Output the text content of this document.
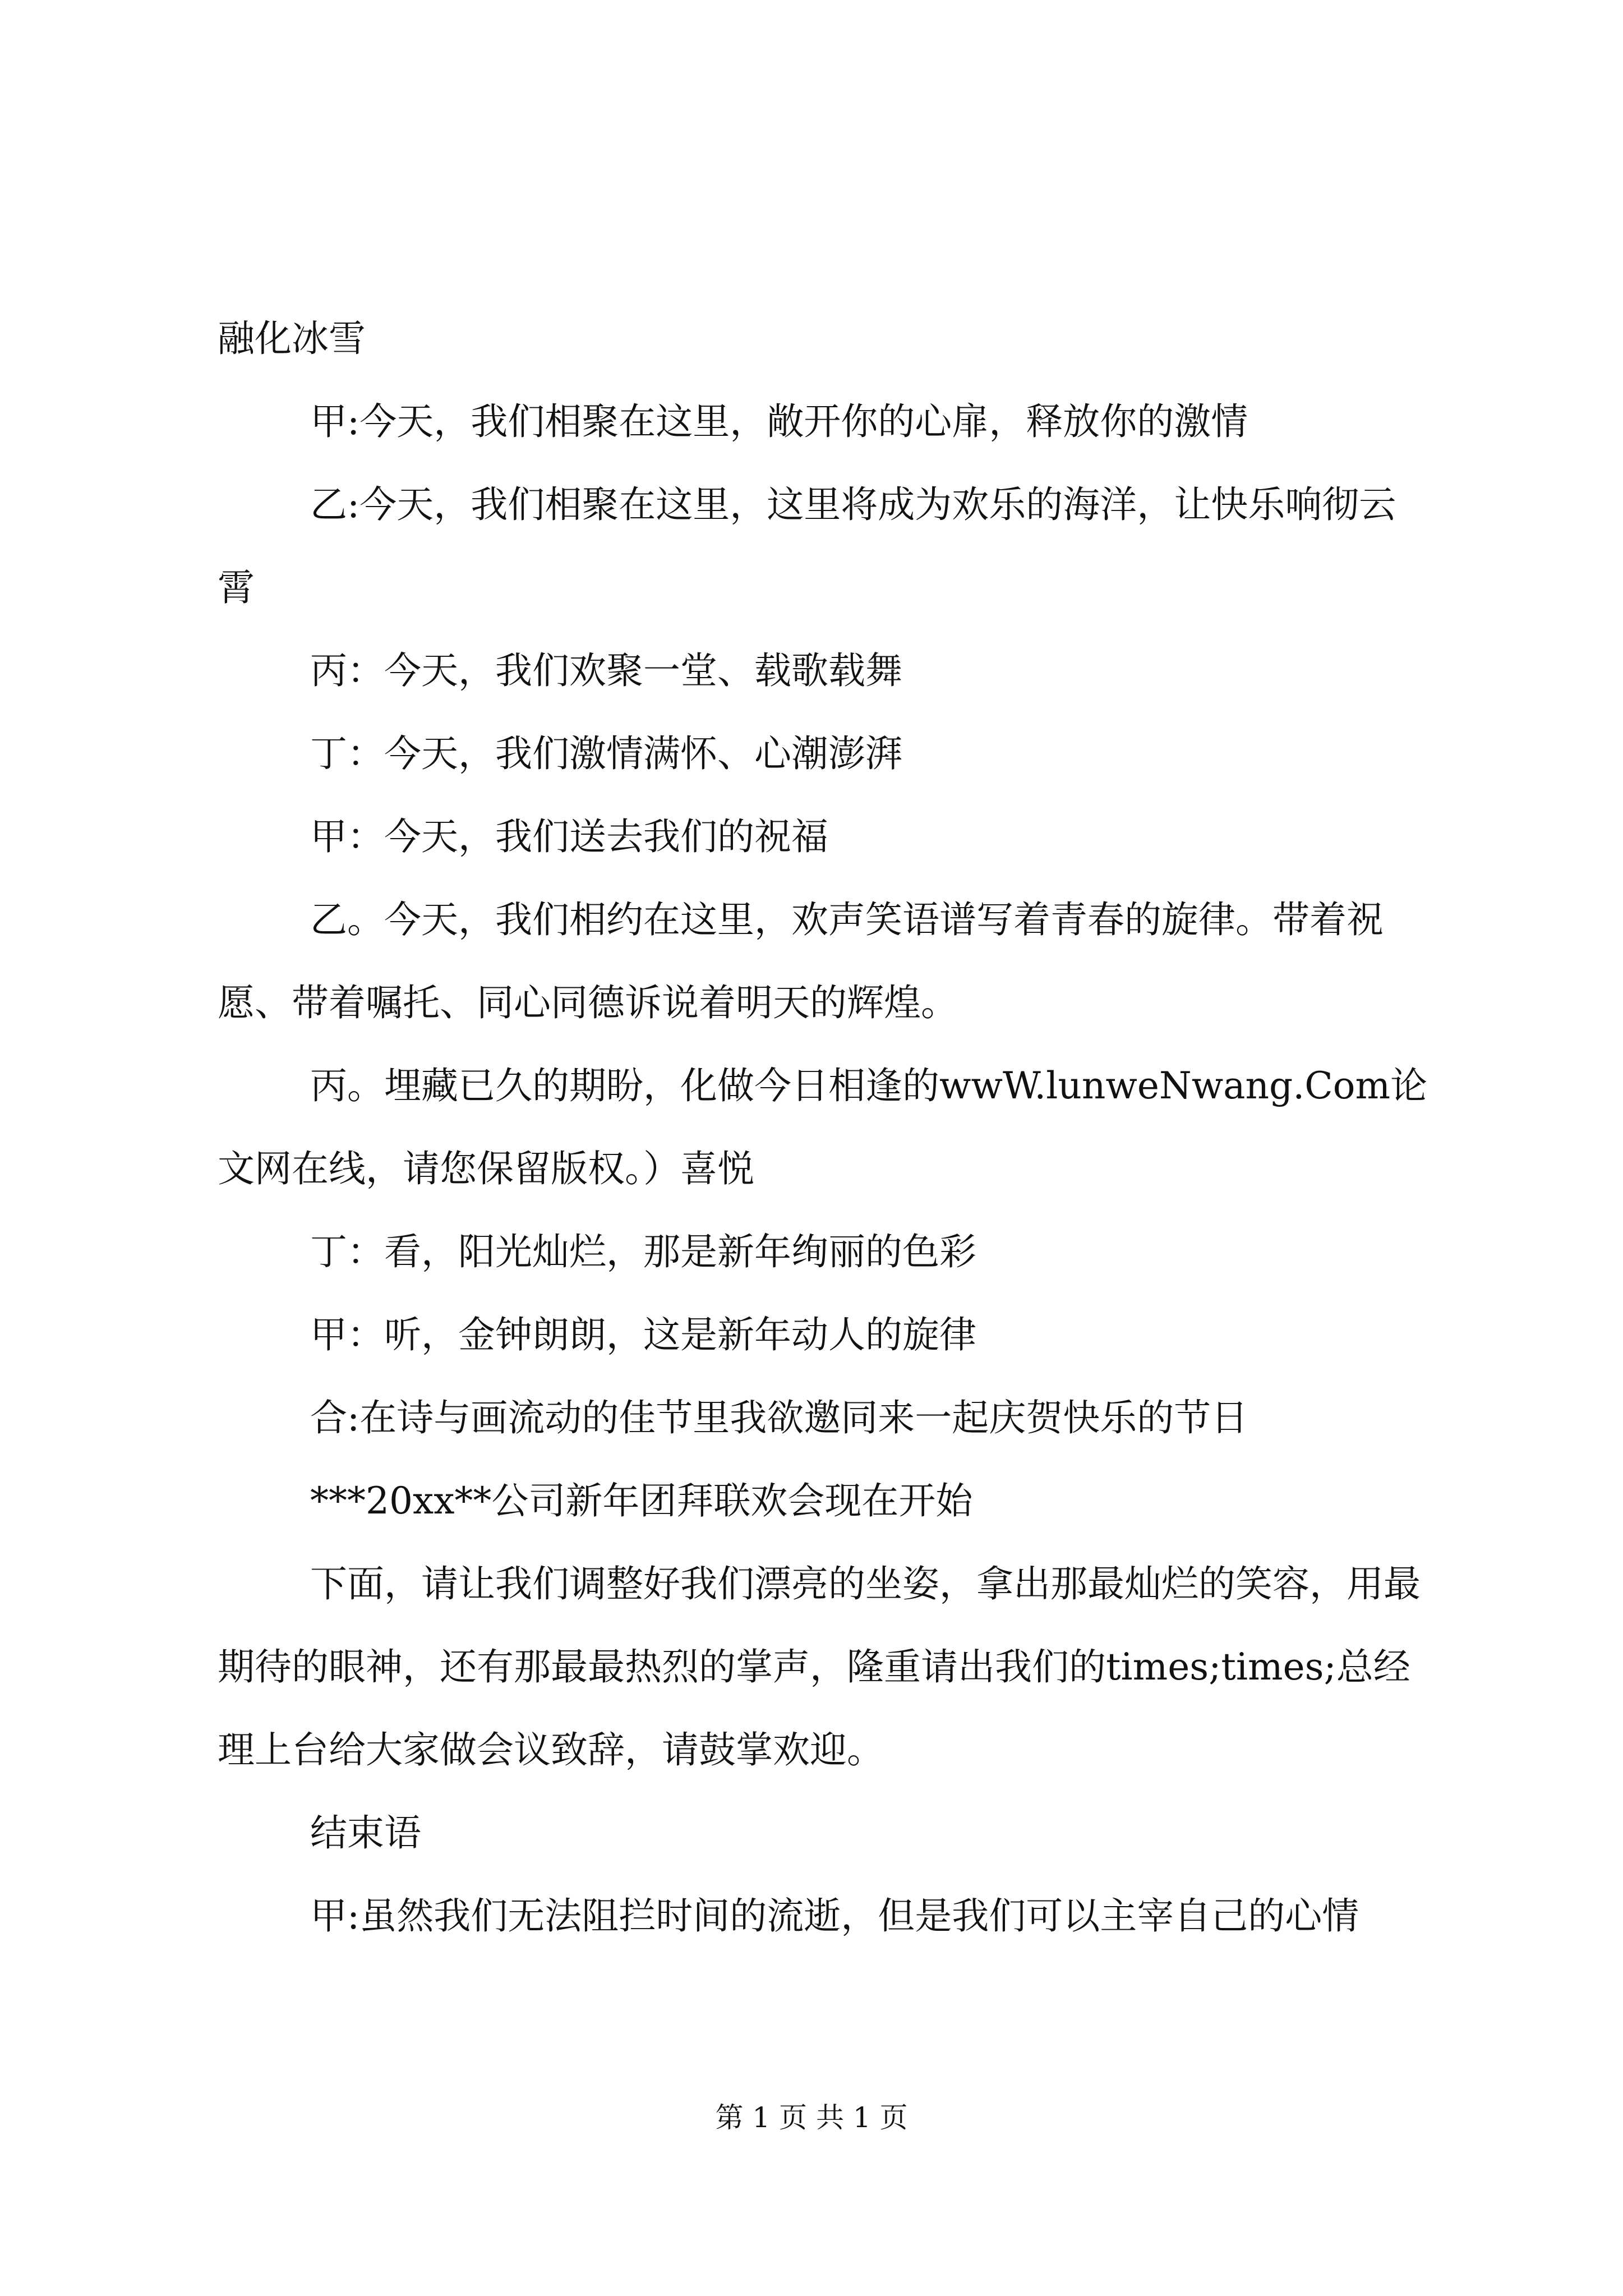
融化冰雪

甲:今天，我们相聚在这里，敞开你的心扉，释放你的激情

乙:今天，我们相聚在这里，这里将成为欢乐的海洋，让快乐响彻云霄

丙：今天，我们欢聚一堂、载歌载舞

丁：今天，我们激情满怀、心潮澎湃

甲：今天，我们送去我们的祝福

乙。今天，我们相约在这里，欢声笑语谱写着青春的旋律。带着祝愿、带着嘱托、同心同德诉说着明天的辉煌。

丙。埋藏已久的期盼，化做今日相逢的wwW.lunweNwang.Com论文网在线，请您保留版权。）喜悦

丁：看，阳光灿烂，那是新年绚丽的色彩

甲：听，金钟朗朗，这是新年动人的旋律

合:在诗与画流动的佳节里我欲邀同来一起庆贺快乐的节日

***20xx**公司新年团拜联欢会现在开始

下面，请让我们调整好我们漂亮的坐姿，拿出那最灿烂的笑容，用最期待的眼神，还有那最最热烈的掌声，隆重请出我们的times;times;总经理上台给大家做会议致辞，请鼓掌欢迎。

结束语

甲:虽然我们无法阻拦时间的流逝，但是我们可以主宰自己的心情

第 1 页 共 1 页
